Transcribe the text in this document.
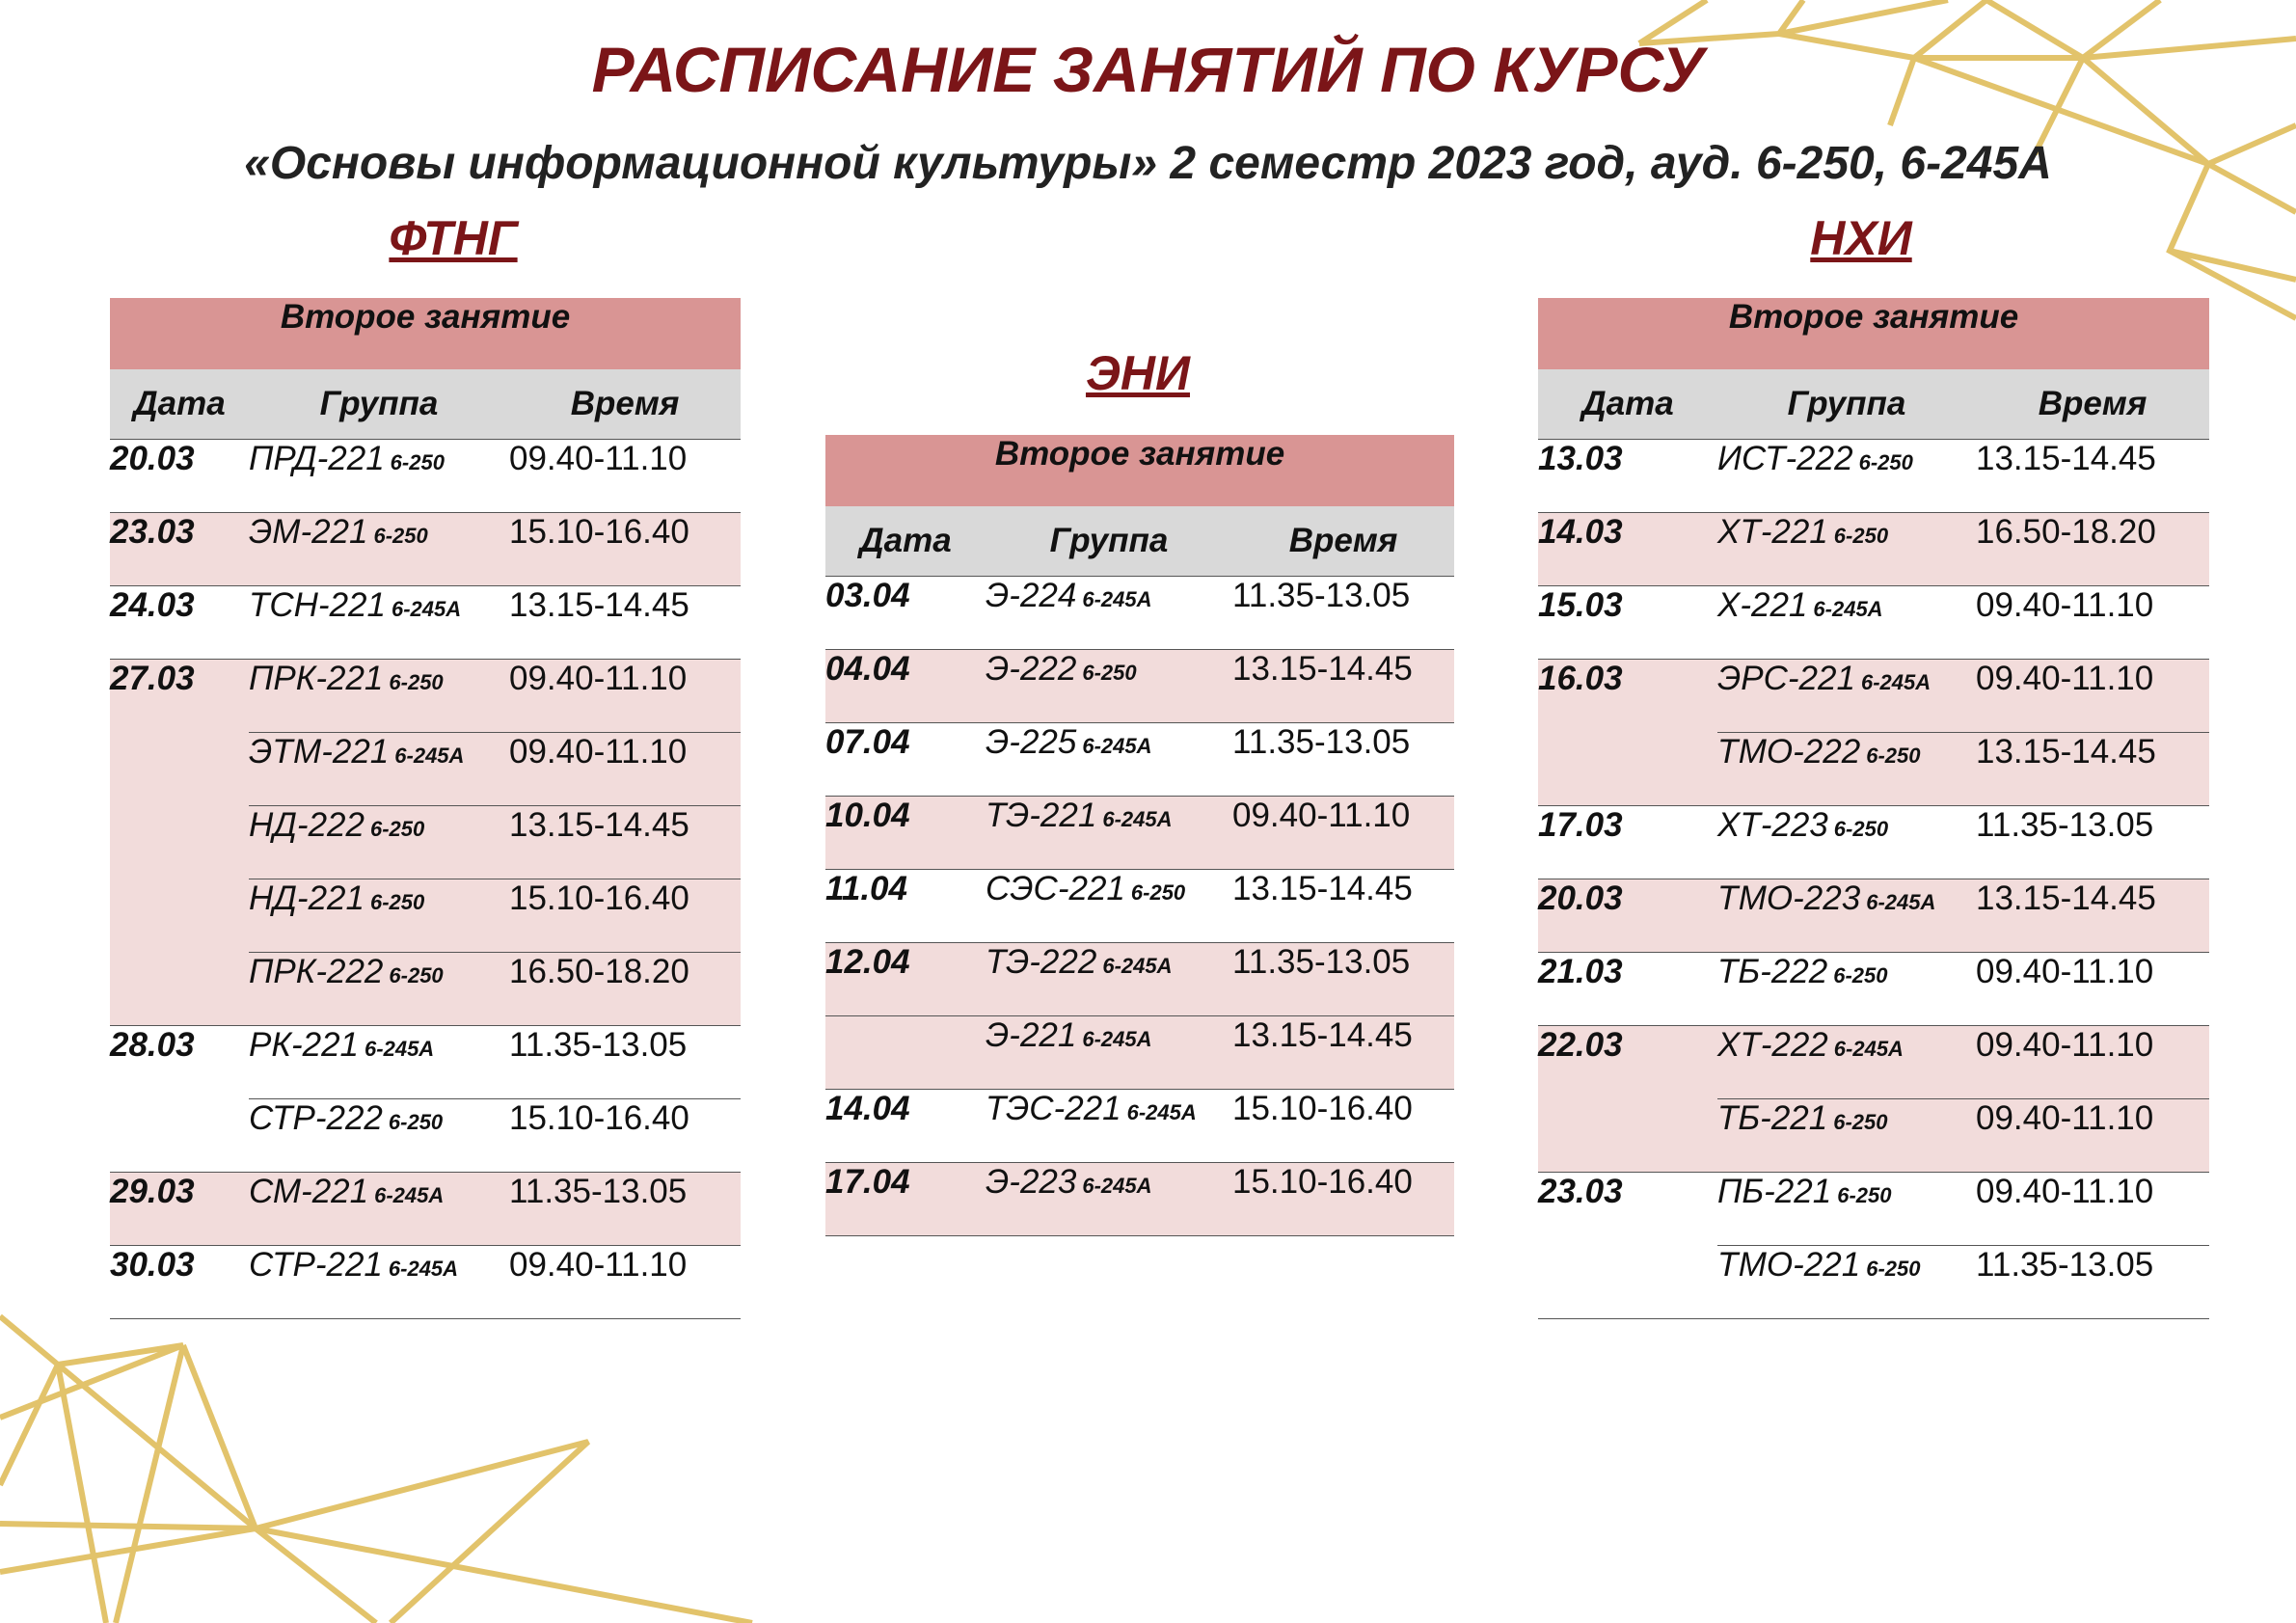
РАСПИСАНИЕ ЗАНЯТИЙ ПО КУРСУ
«Основы информационной культуры» 2 семестр 2023 год, ауд. 6-250, 6-245А
ФТНГ
ЭНИ
НХИ
Второе занятие		
Дата	Группа	Время
20.03	ПРД-221 6-250	09.40-11.10
23.03	ЭМ-221 6-250	15.10-16.40
24.03	ТСН-221 6-245А	13.15-14.45
27.03	ПРК-221 6-250	09.40-11.10
	ЭТМ-221 6-245А	09.40-11.10
	НД-222 6-250	13.15-14.45
	НД-221 6-250	15.10-16.40
	ПРК-222 6-250	16.50-18.20
28.03	РК-221 6-245А	11.35-13.05
	СТР-222 6-250	15.10-16.40
29.03	СМ-221 6-245А	11.35-13.05
30.03	СТР-221 6-245А	09.40-11.10
Второе занятие		
Дата	Группа	Время
03.04	Э-224 6-245А	11.35-13.05
04.04	Э-222 6-250	13.15-14.45
07.04	Э-225 6-245А	11.35-13.05
10.04	ТЭ-221 6-245А	09.40-11.10
11.04	СЭС-221 6-250	13.15-14.45
12.04	ТЭ-222 6-245А	11.35-13.05
	Э-221 6-245А	13.15-14.45
14.04	ТЭС-221 6-245А	15.10-16.40
17.04	Э-223 6-245А	15.10-16.40
Второе занятие		
Дата	Группа	Время
13.03	ИСТ-222 6-250	13.15-14.45
14.03	ХТ-221 6-250	16.50-18.20
15.03	Х-221 6-245А	09.40-11.10
16.03	ЭРС-221 6-245А	09.40-11.10
	ТМО-222 6-250	13.15-14.45
17.03	ХТ-223 6-250	11.35-13.05
20.03	ТМО-223 6-245А	13.15-14.45
21.03	ТБ-222 6-250	09.40-11.10
22.03	ХТ-222 6-245А	09.40-11.10
	ТБ-221 6-250	09.40-11.10
23.03	ПБ-221 6-250	09.40-11.10
	ТМО-221 6-250	11.35-13.05
